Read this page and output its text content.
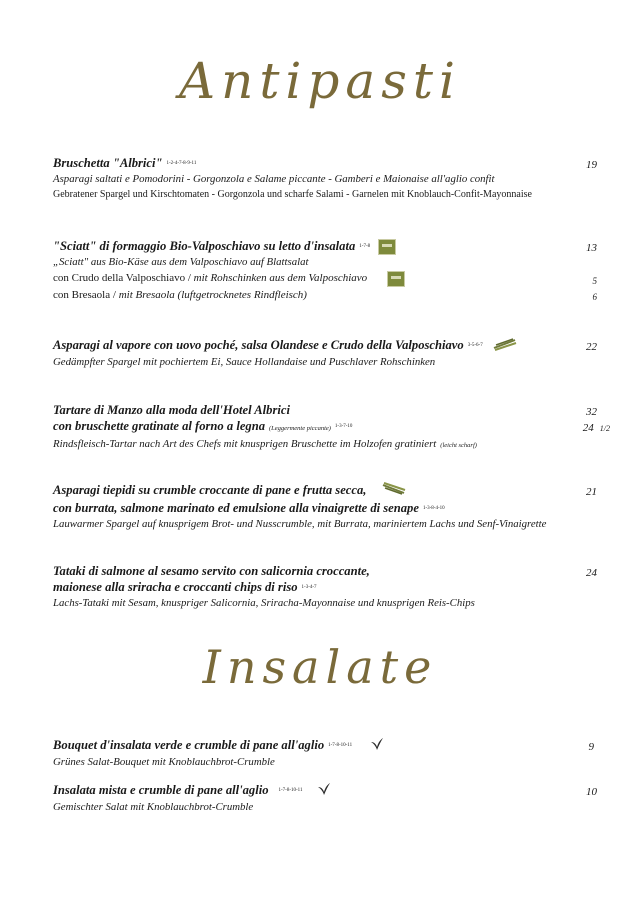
Antipasti
Bruschetta "Albrici" 1-2-4-7-8-9-11
Asparagi saltati e Pomodorini - Gorgonzola e Salame piccante - Gamberi e Maionaise all'aglio confit
Gebratener Spargel und Kirschtomaten - Gorgonzola und scharfe Salami - Garnelen mit Knoblauch-Confit-Mayonnaise
19
"Sciatt" di formaggio Bio-Valposchiavo su letto d'insalata 1-7-8
„Sciatt" aus Bio-Käse aus dem Valposchiavo auf Blattsalat
con Crudo della Valposchiavo / mit Rohschinken aus dem Valposchiavo
con Bresaola / mit Bresaola (luftgetrocknetes Rindfleisch)
13
5
6
Asparagi al vapore con uovo poché, salsa Olandese e Crudo della Valposchiavo 3-5-6-7
Gedämpfter Spargel mit pochiertem Ei, Sauce Hollandaise und Puschlaver Rohschinken
22
Tartare di Manzo alla moda dell'Hotel Albrici
con bruschette gratinate al forno a legna (Leggermente piccante) 1-3-7-10
Rindsfleisch-Tartar nach Art des Chefs mit knusprigen Bruschette im Holzofen gratiniert (leicht scharf)
32
24 1/2
Asparagi tiepidi su crumble croccante di pane e frutta secca,
con burrata, salmone marinato ed emulsione alla vinaigrette di senape 1-3-8-4-10
Lauwarmer Spargel auf knusprigem Brot- und Nusscrumble, mit Burrata, mariniertem Lachs und Senf-Vinaigrette
21
Tataki di salmone al sesamo servito con salicornia croccante,
maionese alla sriracha e croccanti chips di riso 1-3-4-7
Lachs-Tataki mit Sesam, knuspriger Salicornia, Sriracha-Mayonnaise und knusprigen Reis-Chips
24
Insalate
Bouquet d'insalata verde e crumble di pane all'aglio 1-7-8-10-11
Grünes Salat-Bouquet mit Knoblauchbrot-Crumble
9
Insalata mista e crumble di pane all'aglio 1-7-8-10-11
Gemischter Salat mit Knoblauchbrot-Crumble
10
